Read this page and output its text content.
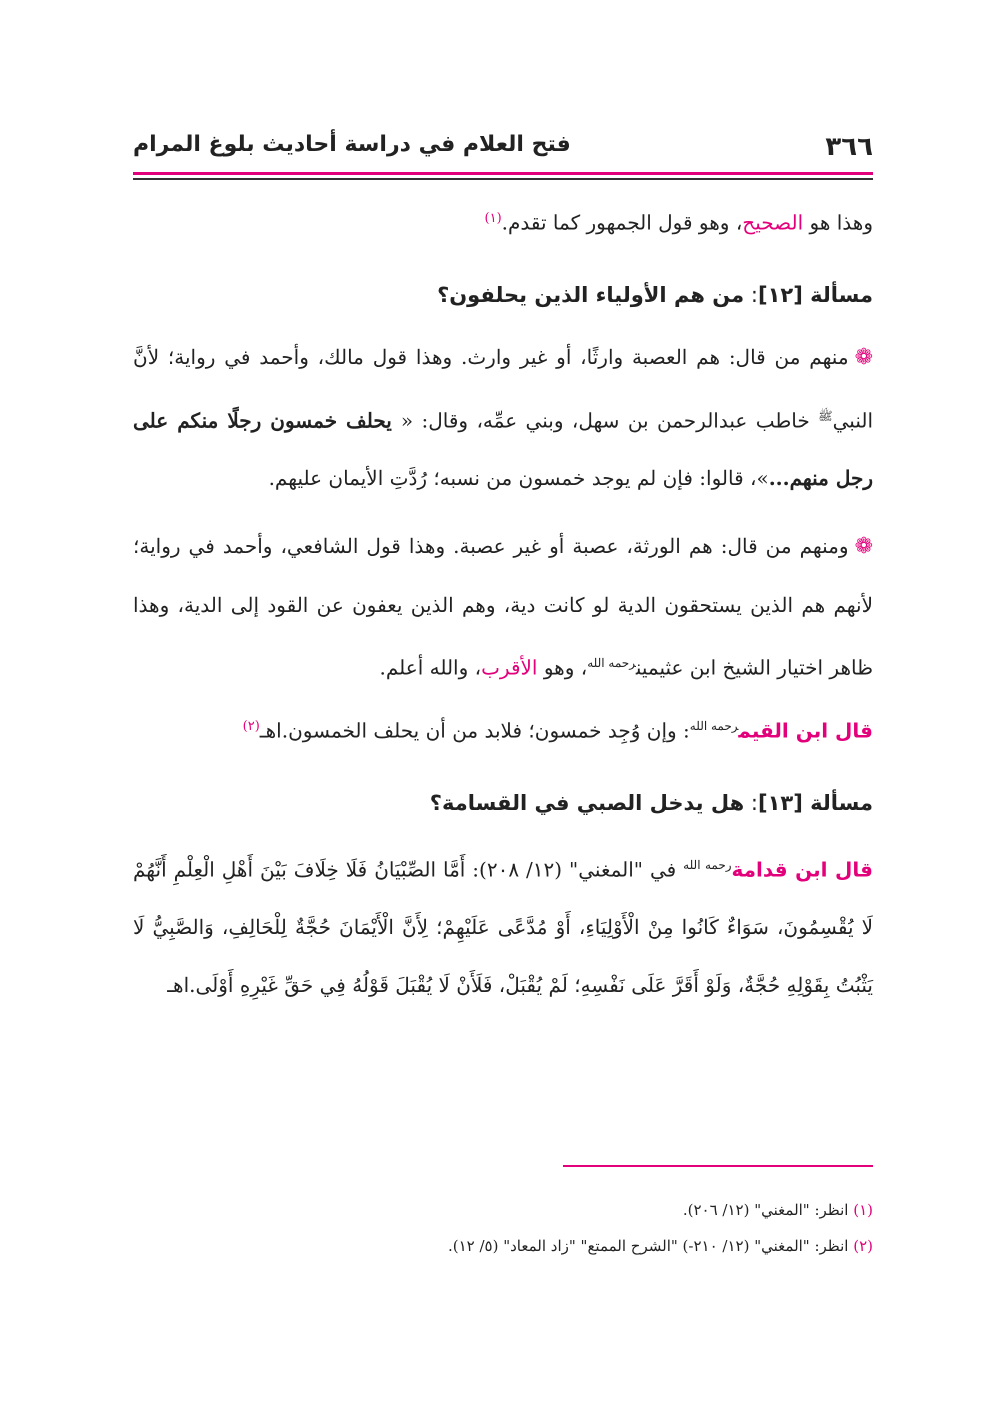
٣٦٦
فتح العلام في دراسة أحاديث بلوغ المرام

وهذا هو الصحيح، وهو قول الجمهور كما تقدم.$^{(١)}$

مسألة [١٢]: من هم الأولياء الذين يحلفون؟

❁منهم من قال: هم العصبة وارثًا، أو غير وارث. وهذا قول مالك، وأحمد في رواية؛ لأنَّ النبي$^ﷺ$ خاطب عبدالرحمن بن سهل، وبني عمِّه، وقال: « يحلف خمسون رجلًا منكم على رجل منهم...»، قالوا: فإن لم يوجد خمسون من نسبه؛ رُدَّتِ الأيمان عليهم.

❁ومنهم من قال: هم الورثة، عصبة أو غير عصبة. وهذا قول الشافعي، وأحمد في رواية؛ لأنهم هم الذين يستحقون الدية لو كانت دية، وهم الذين يعفون عن القود إلى الدية، وهذا ظاهر اختيار الشيخ ابن عثيمين$^{رحمه الله}$، وهو الأقرب، والله أعلم.

قال ابن القيم$^{رحمه الله}$: وإن وُجِد خمسون؛ فلابد من أن يحلف الخمسون.اهـ$^{(٢)}$

مسألة [١٣]: هل يدخل الصبي في القسامة؟

قال ابن قدامة$^{رحمه الله}$ في "المغني" (١٢/ ٢٠٨): أَمَّا الصِّبْيَانُ فَلَا خِلَافَ بَيْنَ أَهْلِ الْعِلْمِ أَنَّهُمْ لَا يُقْسِمُونَ، سَوَاءٌ كَانُوا مِنْ الْأَوْلِيَاءِ، أَوْ مُدَّعًى عَلَيْهِمْ؛ لِأَنَّ الْأَيْمَانَ حُجَّةٌ لِلْحَالِفِ، وَالصَّبِيُّ لَا يَثْبُتُ بِقَوْلِهِ حُجَّةٌ، وَلَوْ أَقَرَّ عَلَى نَفْسِهِ؛ لَمْ يُقْبَلْ، فَلَأَنْ لَا يُقْبَلَ قَوْلُهُ فِي حَقِّ غَيْرِهِ أَوْلَى.اهـ

(١) انظر: "المغني" (١٢/ ٢٠٦).
(٢) انظر: "المغني" (١٢/ ٢١٠-) "الشرح الممتع" "زاد المعاد" (٥/ ١٢).
